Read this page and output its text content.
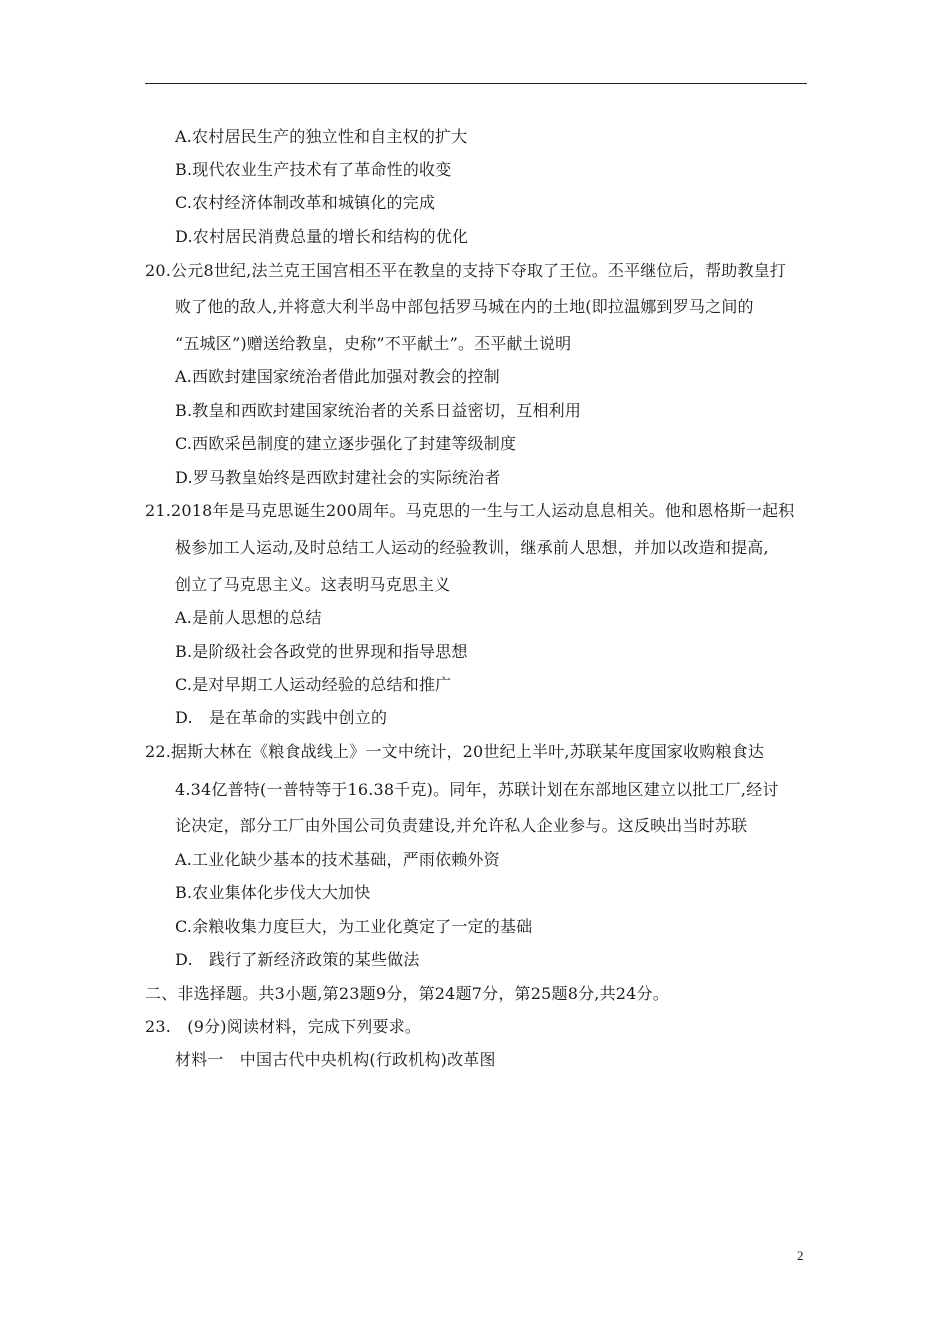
A.农村居民生产的独立性和自主权的扩大
B.现代农业生产技术有了革命性的收变
C.农村经济体制改革和城镇化的完成
D.农村居民消费总量的增长和结构的优化
20.公元8世纪,法兰克王国宫相丕平在教皇的支持下夺取了王位。丕平继位后，帮助教皇打
败了他的敌人,并将意大利半岛中部包括罗马城在内的土地(即拉温娜到罗马之间的
“五城区”)赠送给教皇，史称”不平献土”。丕平献土说明
A.西欧封建国家统治者借此加强对教会的控制
B.教皇和西欧封建国家统治者的关系日益密切，互相利用
C.西欧采邑制度的建立逐步强化了封建等级制度
D.罗马教皇始终是西欧封建社会的实际统治者
21.2018年是马克思诞生200周年。马克思的一生与工人运动息息相关。他和恩格斯一起积
极参加工人运动,及时总结工人运动的经验教训，继承前人思想，并加以改造和提高,
创立了马克思主义。这表明马克思主义
A.是前人思想的总结
B.是阶级社会各政党的世界现和指导思想
C.是对早期工人运动经验的总结和推广
D.　是在革命的实践中创立的
22.据斯大林在《粮食战线上》一文中统计，20世纪上半叶,苏联某年度国家收购粮食达
4.34亿普特(一普特等于16.38千克)。同年，苏联计划在东部地区建立以批工厂,经讨
论决定，部分工厂由外国公司负责建设,并允许私人企业参与。这反映出当时苏联
A.工业化缺少基本的技术基础，严雨依赖外资
B.农业集体化步伐大大加快
C.余粮收集力度巨大，为工业化奠定了一定的基础
D.　践行了新经济政策的某些做法
二、非选择题。共3小题,第23题9分，第24题7分，第25题8分,共24分。
23.　(9分)阅读材料，完成下列要求。
材料一　中国古代中央机构(行政机构)改革图
2
